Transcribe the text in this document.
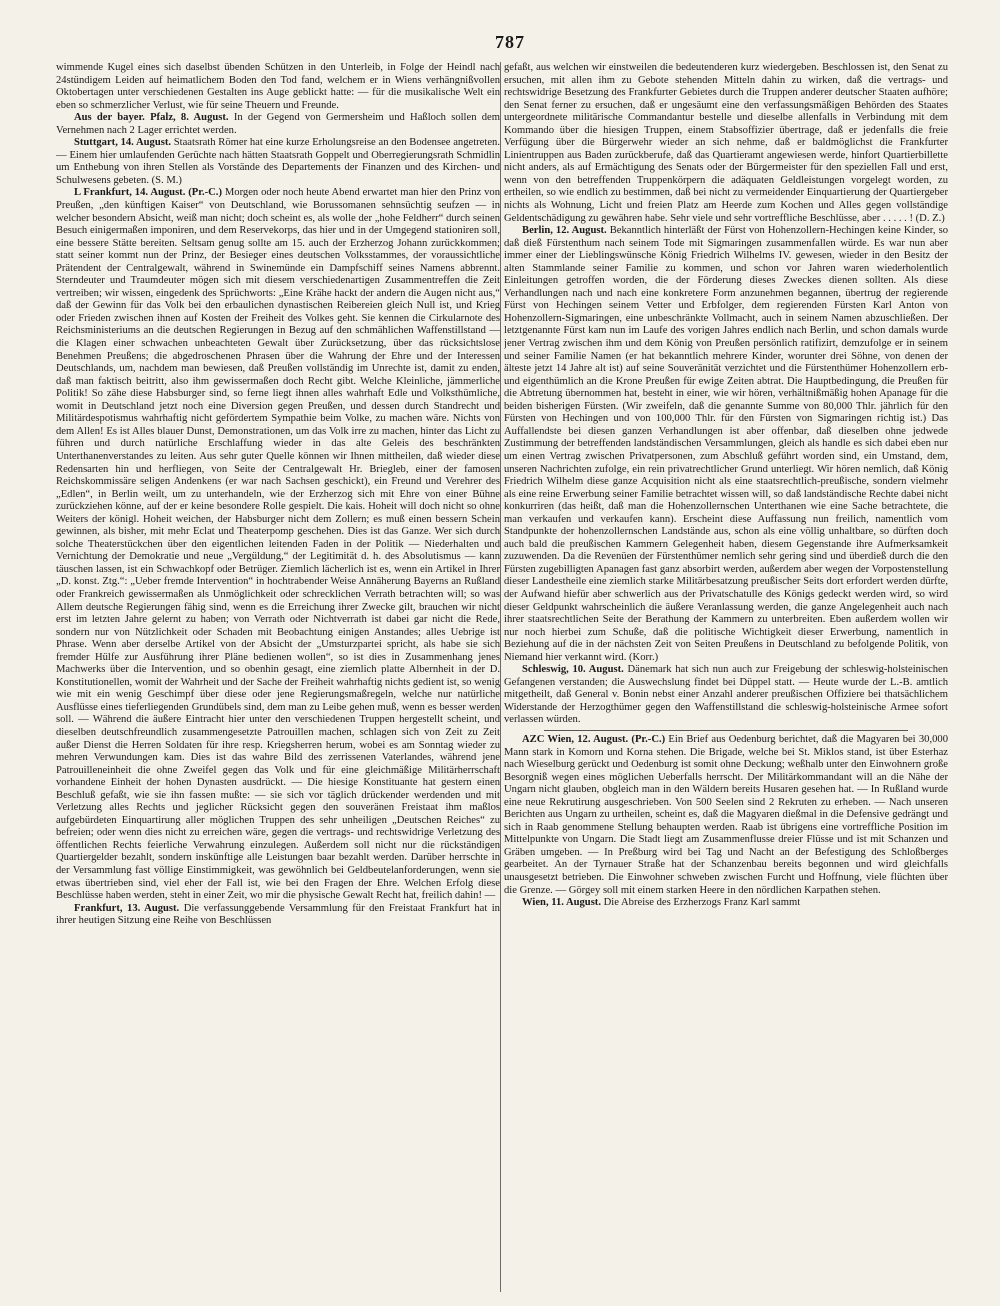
787

wimmende Kugel eines sich daselbst übenden Schützen in den Unterleib, in Folge der Heindl nach 24stündigem Leiden auf heimatlichem Boden den Tod fand, welchem er in Wiens verhängnißvollen Oktobertagen unter verschiedenen Gestalten ins Auge geblickt hatte: — für die musikalische Welt ein eben so schmerzlicher Verlust, wie für seine Theuern und Freunde.

Aus der bayer. Pfalz, 8. August. In der Gegend von Germersheim und Haßloch sollen dem Vernehmen nach 2 Lager errichtet werden.

Stuttgart, 14. August. Staatsrath Römer hat eine kurze Erholungsreise an den Bodensee angetreten. — Einem hier umlaufenden Gerüchte nach hätten Staatsrath Goppelt und Oberregierungsrath Schmidlin um Enthebung von ihren Stellen als Vorstände des Departements der Finanzen und des Kirchen- und Schulwesens gebeten. (S. M.)

L Frankfurt, 14. August. (Pr.-C.) Morgen oder noch heute Abend erwartet man hier den Prinz von Preußen, „den künftigen Kaiser“ von Deutschland, wie Borussomanen sehnsüchtig seufzen — in welcher besondern Absicht, weiß man nicht; doch scheint es, als wolle der „hohe Feldherr“ durch seinen Besuch einigermaßen imponiren, und dem Reservekorps, das hier und in der Umgegend stationiren soll, eine bessere Stätte bereiten. Seltsam genug sollte am 15. auch der Erzherzog Johann zurückkommen; statt seiner kommt nun der Prinz, der Besieger eines deutschen Volksstammes, der voraussichtliche Prätendent der Centralgewalt, während in Swinemünde ein Dampfschiff seines Namens abbrennt. Sterndeuter und Traumdeuter mögen sich mit diesem verschiedenartigen Zusammentreffen die Zeit vertreiben; wir wissen, eingedenk des Sprüchworts: „Eine Krähe hackt der andern die Augen nicht aus,“ daß der Gewinn für das Volk bei den erbaulichen dynastischen Reibereien gleich Null ist, und Krieg oder Frieden zwischen ihnen auf Kosten der Freiheit des Volkes geht. Sie kennen die Cirkularnote des Reichsministeriums an die deutschen Regierungen in Bezug auf den schmählichen Waffenstillstand — die Klagen einer schwachen unbeachteten Gewalt über Zurücksetzung, über das rücksichtslose Benehmen Preußens; die abgedroschenen Phrasen über die Wahrung der Ehre und der Interessen Deutschlands, um, nachdem man bewiesen, daß Preußen vollständig im Unrechte ist, damit zu enden, daß man faktisch beitritt, also ihm gewissermaßen doch Recht gibt. Welche Kleinliche, jämmerliche Politik! So zähe diese Habsburger sind, so ferne liegt ihnen alles wahrhaft Edle und Volksthümliche, womit in Deutschland jetzt noch eine Diversion gegen Preußen, und dessen durch Standrecht und Militärdespotismus wahrhaftig nicht gefördertem Sympathie beim Volke, zu machen wäre. Nichts von dem Allen! Es ist Alles blauer Dunst, Demonstrationen, um das Volk irre zu machen, hinter das Licht zu führen und durch natürliche Erschlaffung wieder in das alte Geleis des beschränkten Unterthanenverstandes zu leiten. Aus sehr guter Quelle können wir Ihnen mittheilen, daß wieder diese Redensarten hin und herfliegen, von Seite der Centralgewalt Hr. Briegleb, einer der famosen Reichskommissäre seligen Andenkens (er war nach Sachsen geschickt), ein Freund und Verehrer des „Edlen“, in Berlin weilt, um zu unterhandeln, wie der Erzherzog sich mit Ehre von einer Bühne zurückziehen könne, auf der er keine besondere Rolle gespielt. Die kais. Hoheit will doch nicht so ohne Weiters der königl. Hoheit weichen, der Habsburger nicht dem Zollern; es muß einen bessern Schein gewinnen, als bisher, mit mehr Eclat und Theaterpomp geschehen. Dies ist das Ganze. Wer sich durch solche Theaterstückchen über den eigentlichen leitenden Faden in der Politik — Niederhalten und Vernichtung der Demokratie und neue „Vergüldung,“ der Legitimität d. h. des Absolutismus — kann täuschen lassen, ist ein Schwachkopf oder Betrüger. Ziemlich lächerlich ist es, wenn ein Artikel in Ihrer „D. konst. Ztg.“: „Ueber fremde Intervention“ in hochtrabender Weise Annäherung Bayerns an Rußland oder Frankreich gewissermaßen als Unmöglichkeit oder schrecklichen Verrath betrachten will; so was Allem deutsche Regierungen fähig sind, wenn es die Erreichung ihrer Zwecke gilt, brauchen wir nicht erst im letzten Jahre gelernt zu haben; von Verrath oder Nichtverrath ist dabei gar nicht die Rede, sondern nur von Nützlichkeit oder Schaden mit Beobachtung einigen Anstandes; alles Uebrige ist Phrase. Wenn aber derselbe Artikel von der Absicht der „Umsturzpartei spricht, als habe sie sich fremder Hülfe zur Ausführung ihrer Pläne bedienen wollen“, so ist dies in Zusammenhang jenes Machwerks über die Intervention, und so obenhin gesagt, eine ziemlich platte Albernheit in der D. Konstitutionellen, womit der Wahrheit und der Sache der Freiheit wahrhaftig nichts gedient ist, so wenig wie mit ein wenig Geschimpf über diese oder jene Regierungsmaßregeln, welche nur natürliche Ausflüsse eines tieferliegenden Grundübels sind, dem man zu Leibe gehen muß, wenn es besser werden soll. — Während die äußere Eintracht hier unter den verschiedenen Truppen hergestellt scheint, und dieselben deutschfreundlich zusammengesetzte Patrouillen machen, schlagen sich von Zeit zu Zeit außer Dienst die Herren Soldaten für ihre resp. Kriegsherren herum, wobei es am Sonntag wieder zu mehren Verwundungen kam. Dies ist das wahre Bild des zerrissenen Vaterlandes, während jene Patrouilleneinheit die ohne Zweifel gegen das Volk und für eine gleichmäßige Militärherrschaft vorhandene Einheit der hohen Dynasten ausdrückt. — Die hiesige Konstituante hat gestern einen Beschluß gefaßt, wie sie ihn fassen mußte: — sie sich vor täglich drückender werdenden und mit Verletzung alles Rechts und jeglicher Rücksicht gegen den souveränen Freistaat ihm maßlos aufgebürdeten Einquartirung aller möglichen Truppen des sehr unheiligen „Deutschen Reiches“ zu befreien; oder wenn dies nicht zu erreichen wäre, gegen die vertrags- und rechtswidrige Verletzung des öffentlichen Rechts feierliche Verwahrung einzulegen. Außerdem soll nicht nur die rückständigen Quartiergelder bezahlt, sondern inskünftige alle Leistungen baar bezahlt werden. Darüber herrschte in der Versammlung fast völlige Einstimmigkeit, was gewöhnlich bei Geldbeutelanforderungen, wenn sie etwas übertrieben sind, viel eher der Fall ist, wie bei den Fragen der Ehre. Welchen Erfolg diese Beschlüsse haben werden, steht in einer Zeit, wo mir die physische Gewalt Recht hat, freilich dahin! —

Frankfurt, 13. August. Die verfassunggebende Versammlung für den Freistaat Frankfurt hat in ihrer heutigen Sitzung eine Reihe von Beschlüssen

gefaßt, aus welchen wir einstweilen die bedeutenderen kurz wiedergeben. Beschlossen ist, den Senat zu ersuchen, mit allen ihm zu Gebote stehenden Mitteln dahin zu wirken, daß die vertrags- und rechtswidrige Besetzung des Frankfurter Gebietes durch die Truppen anderer deutscher Staaten aufhöre; den Senat ferner zu ersuchen, daß er ungesäumt eine den verfassungsmäßigen Behörden des Staates untergeordnete militärische Commandantur bestelle und dieselbe allenfalls in Verbindung mit dem Kommando über die hiesigen Truppen, einem Stabsoffizier übertrage, daß er jedenfalls die freie Verfügung über die Bürgerwehr wieder an sich nehme, daß er baldmöglichst die Frankfurter Linientruppen aus Baden zurückberufe, daß das Quartieramt angewiesen werde, hinfort Quartierbillette nicht anders, als auf Ermächtigung des Senats oder der Bürgermeister für den speziellen Fall und erst, wenn von den betreffenden Truppenkörpern die adäquaten Geldleistungen vorgelegt worden, zu ertheilen, so wie endlich zu bestimmen, daß bei nicht zu vermeidender Einquartierung der Quartiergeber nichts als Wohnung, Licht und freien Platz am Heerde zum Kochen und Alles gegen vollständige Geldentschädigung zu gewähren habe. Sehr viele und sehr vortreffliche Beschlüsse, aber . . . . . ! (D. Z.)

Berlin, 12. August. Bekanntlich hinterläßt der Fürst von Hohenzollern-Hechingen keine Kinder, so daß dieß Fürstenthum nach seinem Tode mit Sigmaringen zusammenfallen würde. Es war nun aber immer einer der Lieblingswünsche König Friedrich Wilhelms IV. gewesen, wieder in den Besitz der alten Stammlande seiner Familie zu kommen, und schon vor Jahren waren wiederholentlich Einleitungen getroffen worden, die der Förderung dieses Zweckes dienen sollten. Als diese Verhandlungen nach und nach eine konkretere Form anzunehmen begannen, übertrug der regierende Fürst von Hechingen seinem Vetter und Erbfolger, dem regierenden Fürsten Karl Anton von Hohenzollern-Sigmaringen, eine unbeschränkte Vollmacht, auch in seinem Namen abzuschließen. Der letztgenannte Fürst kam nun im Laufe des vorigen Jahres endlich nach Berlin, und schon damals wurde jener Vertrag zwischen ihm und dem König von Preußen persönlich ratifizirt, demzufolge er in seinem und seiner Familie Namen (er hat bekanntlich mehrere Kinder, worunter drei Söhne, von denen der älteste jetzt 14 Jahre alt ist) auf seine Souveränität verzichtet und die Fürstenthümer Hohenzollern erb- und eigenthümlich an die Krone Preußen für ewige Zeiten abtrat. Die Hauptbedingung, die Preußen für die Abtretung übernommen hat, besteht in einer, wie wir hören, verhältnißmäßig hohen Apanage für die beiden bisherigen Fürsten. (Wir zweifeln, daß die genannte Summe von 80,000 Thlr. jährlich für den Fürsten von Hechingen und von 100,000 Thlr. für den Fürsten von Sigmaringen richtig ist.) Das Auffallendste bei diesen ganzen Verhandlungen ist aber offenbar, daß dieselben ohne jedwede Zustimmung der betreffenden landständischen Versammlungen, gleich als handle es sich dabei eben nur um einen Vertrag zwischen Privatpersonen, zum Abschluß geführt worden sind, ein Umstand, dem, unseren Nachrichten zufolge, ein rein privatrechtlicher Grund unterliegt. Wir hören nemlich, daß König Friedrich Wilhelm diese ganze Acquisition nicht als eine staatsrechtlich-preußische, sondern vielmehr als eine reine Erwerbung seiner Familie betrachtet wissen will, so daß landständische Rechte dabei nicht konkurriren (das heißt, daß man die Hohenzollernschen Unterthanen wie eine Sache betrachtete, die man verkaufen und verkaufen kann). Erscheint diese Auffassung nun freilich, namentlich vom Standpunkte der hohenzollernschen Landstände aus, schon als eine völlig unhaltbare, so dürften doch auch bald die preußischen Kammern Gelegenheit haben, diesem Gegenstande ihre Aufmerksamkeit zuzuwenden. Da die Revenüen der Fürstenthümer nemlich sehr gering sind und überdieß durch die den Fürsten zugebilligten Apanagen fast ganz absorbirt werden, außerdem aber wegen der Vorpostenstellung dieser Landestheile eine ziemlich starke Militärbesatzung preußischer Seits dort erfordert werden dürfte, der Aufwand hiefür aber schwerlich aus der Privatschatulle des Königs gedeckt werden wird, so wird dieser Geldpunkt wahrscheinlich die äußere Veranlassung werden, die ganze Angelegenheit auch nach ihrer staatsrechtlichen Seite der Berathung der Kammern zu unterbreiten. Eben außerdem wollen wir nur noch hierbei zum Schuße, daß die politische Wichtigkeit dieser Erwerbung, namentlich in Beziehung auf die in der nächsten Zeit von Seiten Preußens in Deutschland zu befolgende Politik, von Niemand hier verkannt wird. (Korr.)

Schleswig, 10. August. Dänemark hat sich nun auch zur Freigebung der schleswig-holsteinischen Gefangenen verstanden; die Auswechslung findet bei Düppel statt. — Heute wurde der L.-B. amtlich mitgetheilt, daß General v. Bonin nebst einer Anzahl anderer preußischen Offiziere bei thatsächlichem Widerstande der Herzogthümer gegen den Waffenstillstand die schleswig-holsteinische Armee sofort verlassen würden.

AZC Wien, 12. August. (Pr.-C.) Ein Brief aus Oedenburg berichtet, daß die Magyaren bei 30,000 Mann stark in Komorn und Korna stehen. Die Brigade, welche bei St. Miklos stand, ist über Esterhaz nach Wieselburg gerückt und Oedenburg ist somit ohne Deckung; weßhalb unter den Einwohnern große Besorgniß wegen eines möglichen Ueberfalls herrscht. Der Militärkommandant will an die Nähe der Ungarn nicht glauben, obgleich man in den Wäldern bereits Husaren gesehen hat. — In Rußland wurde eine neue Rekrutirung ausgeschrieben. Von 500 Seelen sind 2 Rekruten zu erheben. — Nach unseren Berichten aus Ungarn zu urtheilen, scheint es, daß die Magyaren dießmal in die Defensive gedrängt und sich in Raab genommene Stellung behaupten werden. Raab ist übrigens eine vortreffliche Position im Mittelpunkte von Ungarn. Die Stadt liegt am Zusammenflusse dreier Flüsse und ist mit Schanzen und Gräben umgeben. — In Preßburg wird bei Tag und Nacht an der Befestigung des Schloßberges gearbeitet. An der Tyrnauer Straße hat der Schanzenbau bereits begonnen und wird gleichfalls unausgesetzt betrieben. Die Einwohner schweben zwischen Furcht und Hoffnung, viele flüchten über die Grenze. — Görgey soll mit einem starken Heere in den nördlichen Karpathen stehen.

Wien, 11. August. Die Abreise des Erzherzogs Franz Karl sammt
